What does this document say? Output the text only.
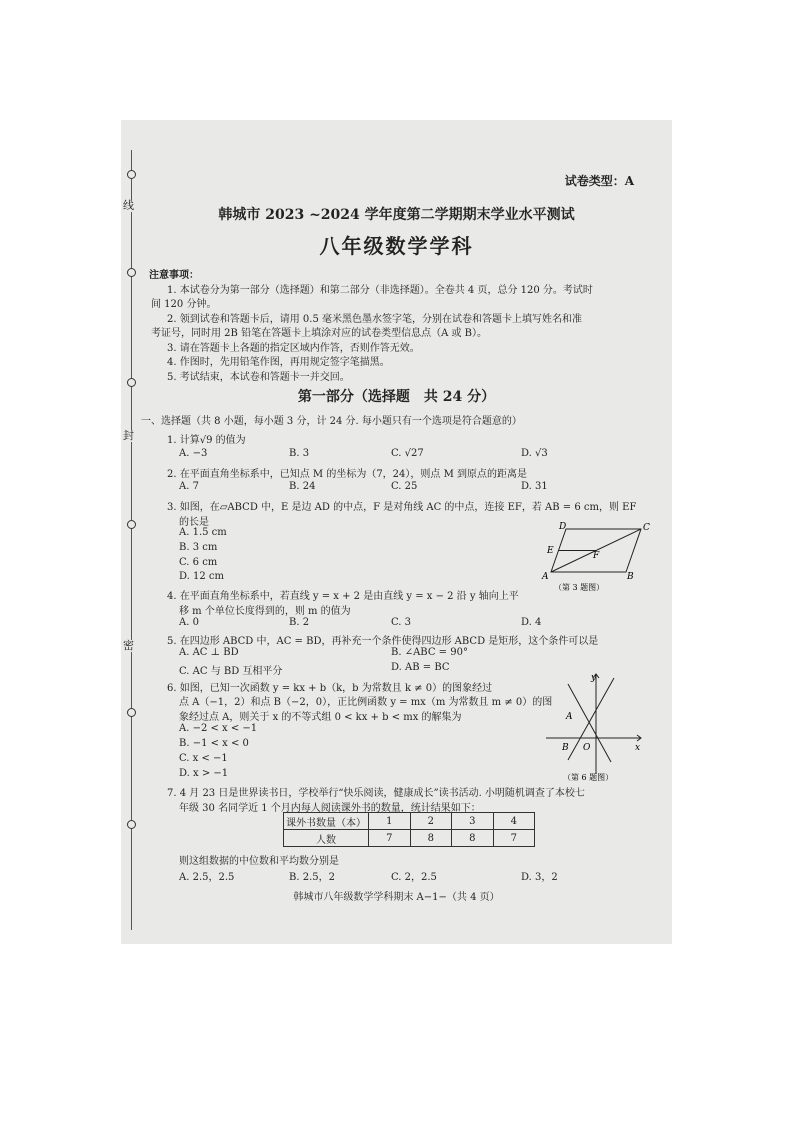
线
封
密
试卷类型：A
韩城市 2023 ~2024 学年度第二学期期末学业水平测试
八年级数学学科
注意事项：
1. 本试卷分为第一部分（选择题）和第二部分（非选择题）。全卷共 4 页，总分 120 分。考试时
间 120 分钟。
2. 领到试卷和答题卡后，请用 0.5 毫米黑色墨水签字笔，分别在试卷和答题卡上填写姓名和准
考证号，同时用 2B 铅笔在答题卡上填涂对应的试卷类型信息点（A 或 B）。
3. 请在答题卡上各题的指定区域内作答，否则作答无效。
4. 作图时，先用铅笔作图，再用规定签字笔描黑。
5. 考试结束，本试卷和答题卡一并交回。
第一部分（选择题　共 24 分）
一、选择题（共 8 小题，每小题 3 分，计 24 分. 每小题只有一个选项是符合题意的）
1. 计算√9 的值为
A. −3	B. 3	C. √27	D. √3
2. 在平面直角坐标系中，已知点 M 的坐标为（7，24），则点 M 到原点的距离是
A. 7	B. 24	C. 25	D. 31
3. 如图，在▱ABCD 中，E 是边 AD 的中点，F 是对角线 AC 的中点，连接 EF，若 AB = 6 cm，则 EF
的长是
A. 1.5 cm
B. 3 cm
C. 6 cm
D. 12 cm
D	C
E	F
A	B
（第 3 题图）
4. 在平面直角坐标系中，若直线 y = x + 2 是由直线 y = x − 2 沿 y 轴向上平
移 m 个单位长度得到的，则 m 的值为
A. 0	B. 2	C. 3	D. 4
5. 在四边形 ABCD 中，AC = BD，再补充一个条件使得四边形 ABCD 是矩形，这个条件可以是
A. AC ⊥ BD	B. ∠ABC = 90°
C. AC 与 BD 互相平分	D. AB = BC
6. 如图，已知一次函数 y = kx + b（k，b 为常数且 k ≠ 0）的图象经过
点 A（−1，2）和点 B（−2，0），正比例函数 y = mx（m 为常数且 m ≠ 0）的图
象经过点 A，则关于 x 的不等式组 0 < kx + b < mx 的解集为
A. −2 < x < −1
B. −1 < x < 0
C. x < −1
D. x > −1
y
x
A
B O
（第 6 题图）
7. 4 月 23 日是世界读书日，学校举行“快乐阅读，健康成长”读书活动. 小明随机调查了本校七
年级 30 名同学近 1 个月内每人阅读课外书的数量，统计结果如下：
课外书数量（本）	1	2	3	4
人数	7	8	8	7
则这组数据的中位数和平均数分别是
A. 2.5，2.5	B. 2.5，2	C. 2，2.5	D. 3，2
韩城市八年级数学学科期末 A−1−（共 4 页）
